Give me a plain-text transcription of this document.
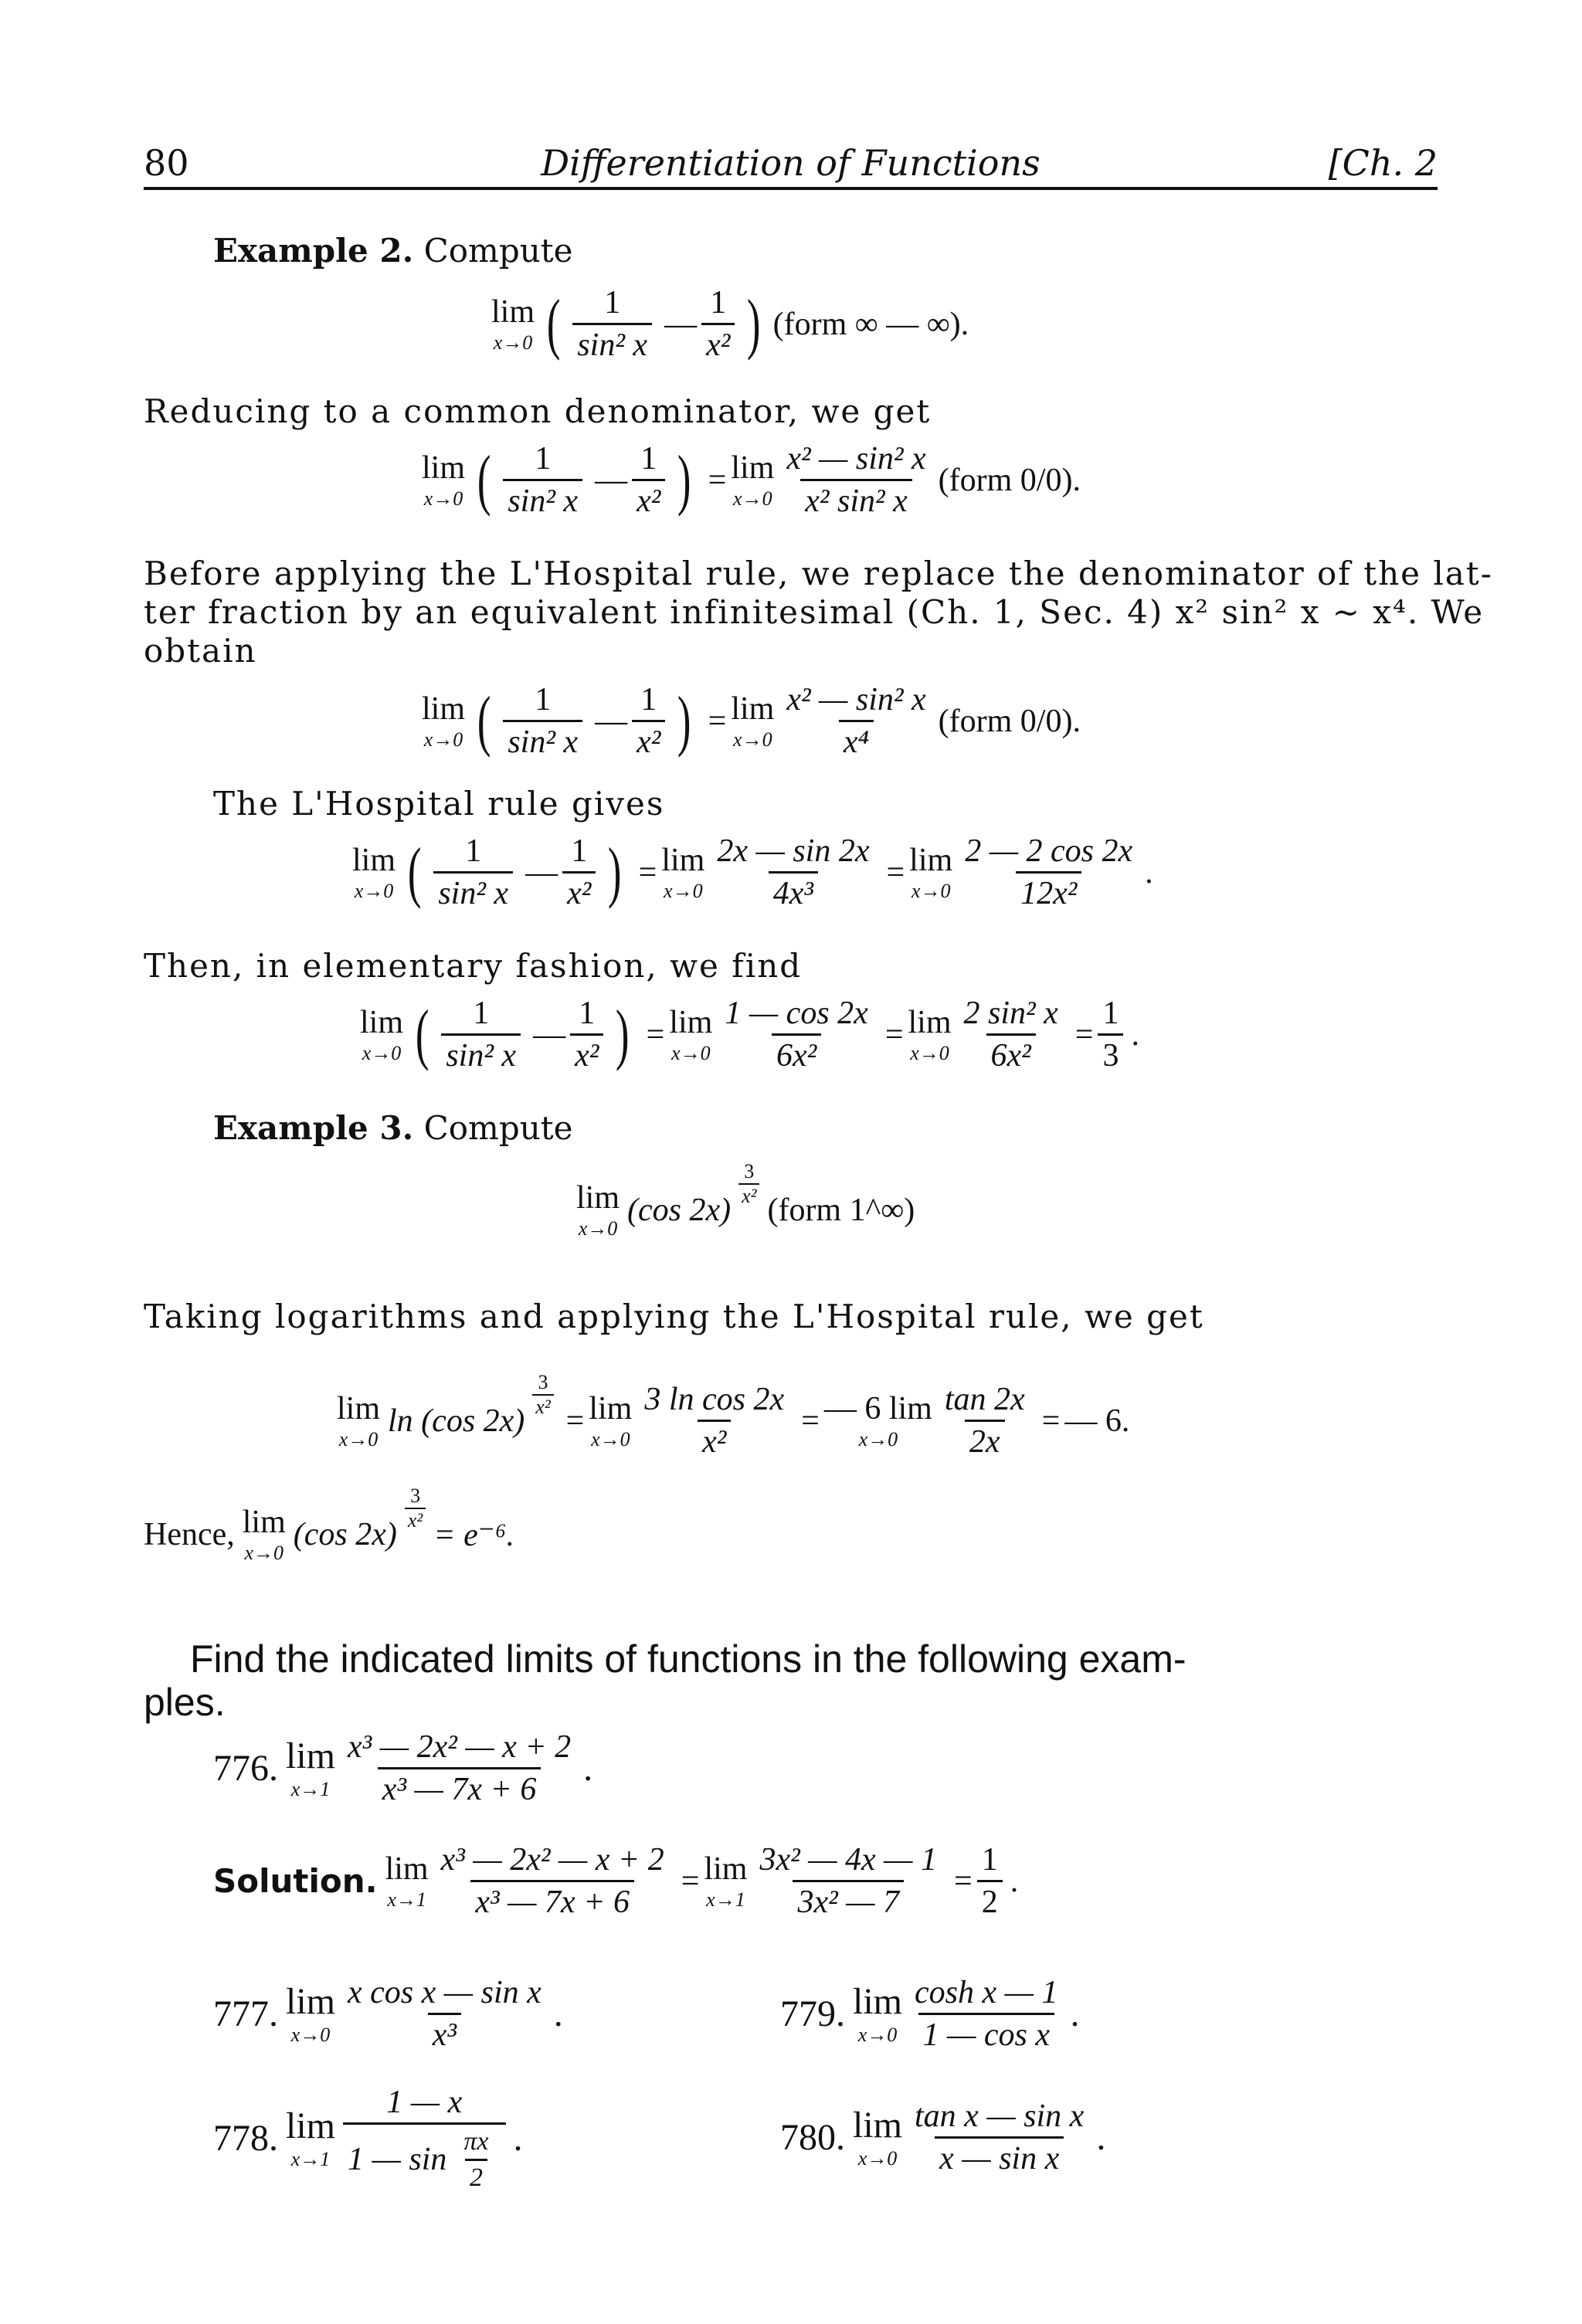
80	Differentiation of Functions	[Ch. 2
Example 2. Compute
lim
x→0 ( $\frac{1}{\text{sin² x}}$ — $\frac{1}{\text{x²}}$ ) (form ∞ — ∞).
Reducing to a common denominator, we get
lim
x→0 ( $\frac{1}{\text{sin² x}}$ — $\frac{1}{\text{x²}}$ ) = lim
$x\to 0 \frac{\text{x² — sin² x}}{\text{x² sin² x}}$ (form 0/0).
Before applying the L'Hospital rule, we replace the denominator of the lat-
ter fraction by an equivalent infinitesimal (Ch. 1, Sec. 4) x² sin² x ~ x⁴. We
obtain
lim
x→0 ( $\frac{1}{\text{sin² x}}$ — $\frac{1}{\text{x²}}$ ) = lim
$x\to 0 \frac{\text{x² — sin² x}}{\text{x⁴}}$ (form 0/0).
The L'Hospital rule gives
lim
x→0 ( $\frac{1}{\text{sin² x}}$ — $\frac{1}{\text{x²}}$ ) = lim
$x\to 0 \frac{2x — \sin 2x}{\text{4x³}} = \lim$
$x\to 0 \frac{2 — 2 \cos 2x}{\text{12x²}}$ .
Then, in elementary fashion, we find
lim
x→0 ( $\frac{1}{\text{sin² x}}$ — $\frac{1}{\text{x²}}$ ) = lim
$x\to 0 \frac{1 — \cos 2x}{\text{6x²}} = \lim$
$x\to 0 \frac{\text{2 sin² x}}{\text{6x²}} = \frac{1}{3}$ .
Example 3. Compute
lim
x→0
(cos 2x)
$\frac{3}{\text{x²}}$
(form 1^∞)
Taking logarithms and applying the L'Hospital rule, we get
lim
x→0
ln (cos 2x)
$\frac{3}{\text{x²}}$
= lim
$x\to 0 \frac{\text{3 ln cos 2x}}{\text{x²}}$ = — 6 lim
$x\to 0 \frac{\tan 2x}{2x}$ = — 6.
Hence, lim
x→0
(cos 2x)
$\frac{3}{\text{x²}}$
= e⁻⁶.
Find the indicated limits of functions in the following exam-
ples.
776. lim
$x\to 1 \frac{\text{x³ — 2x² — x + 2}}{\text{x³ — 7x + 6}}$ .
Solution. lim
$x\to 1 \frac{\text{x³ — 2x² — x + 2}}{\text{x³ — 7x + 6}} = \lim$
$x\to 1 \frac{\text{3x² — 4x — 1}}{\text{3x² — 7}} = \frac{1}{2}$ .
777. lim
$x\to 0 \frac{\text{x cos x — sin x}}{\text{x³}}$ .
778. lim
$x\to 1 \frac{1 — x}{1 — \sin \frac{\pi x}{2}}$ .
779. lim
$x\to 0 \frac{\text{cosh x — 1}}{\text{1 — cos x}}$ .
780. lim
$x\to 0 \frac{\text{tan x — sin x}}{\text{x — sin x}}$ .
